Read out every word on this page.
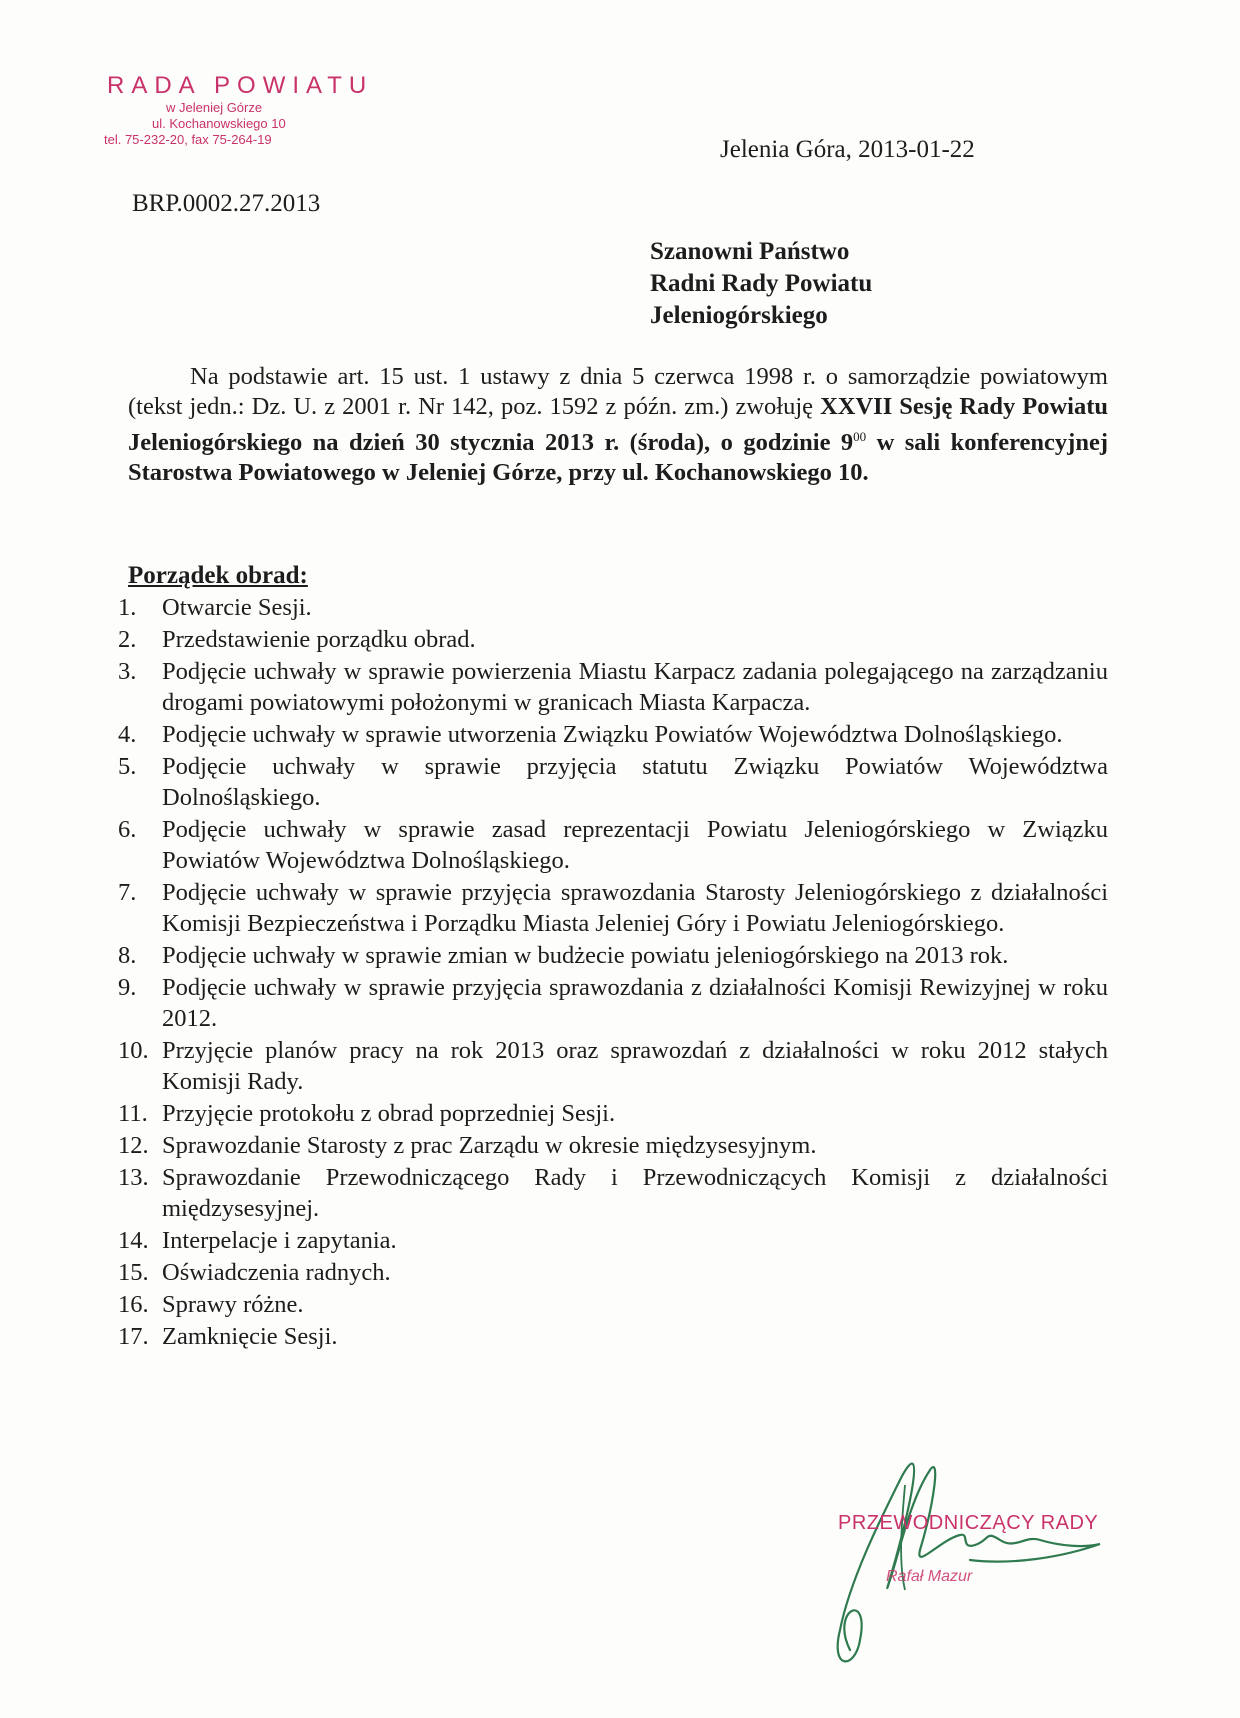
RADA POWIATU
w Jeleniej Górze
ul. Kochanowskiego 10
tel. 75-232-20, fax 75-264-19	Jelenia Góra, 2013-01-22
BRP.0002.27.2013
Szanowni Państwo
Radni Rady Powiatu
Jeleniogórskiego

Na podstawie art. 15 ust. 1 ustawy z dnia 5 czerwca 1998 r. o samorządzie powiatowym (tekst jedn.: Dz. U. z 2001 r. Nr 142, poz. 1592 z późn. zm.) zwołuję XXVII Sesję Rady Powiatu Jeleniogórskiego na dzień 30 stycznia 2013 r. (środa), o godzinie $9^{00}$ w sali konferencyjnej Starostwa Powiatowego w Jeleniej Górze, przy ul. Kochanowskiego 10.

Porządek obrad:
1. Otwarcie Sesji.
2. Przedstawienie porządku obrad.
3. Podjęcie uchwały w sprawie powierzenia Miastu Karpacz zadania polegającego na zarządzaniu drogami powiatowymi położonymi w granicach Miasta Karpacza.
4. Podjęcie uchwały w sprawie utworzenia Związku Powiatów Województwa Dolnośląskiego.
5. Podjęcie uchwały w sprawie przyjęcia statutu Związku Powiatów Województwa Dolnośląskiego.
6. Podjęcie uchwały w sprawie zasad reprezentacji Powiatu Jeleniogórskiego w Związku Powiatów Województwa Dolnośląskiego.
7. Podjęcie uchwały w sprawie przyjęcia sprawozdania Starosty Jeleniogórskiego z działalności Komisji Bezpieczeństwa i Porządku Miasta Jeleniej Góry i Powiatu Jeleniogórskiego.
8. Podjęcie uchwały w sprawie zmian w budżecie powiatu jeleniogórskiego na 2013 rok.
9. Podjęcie uchwały w sprawie przyjęcia sprawozdania z działalności Komisji Rewizyjnej w roku 2012.
10. Przyjęcie planów pracy na rok 2013 oraz sprawozdań z działalności w roku 2012 stałych Komisji Rady.
11. Przyjęcie protokołu z obrad poprzedniej Sesji.
12. Sprawozdanie Starosty z prac Zarządu w okresie międzysesyjnym.
13. Sprawozdanie Przewodniczącego Rady i Przewodniczących Komisji z działalności międzysesyjnej.
14. Interpelacje i zapytania.
15. Oświadczenia radnych.
16. Sprawy różne.
17. Zamknięcie Sesji.
PRZEWODNICZĄCY RADY
Rafał Mazur
